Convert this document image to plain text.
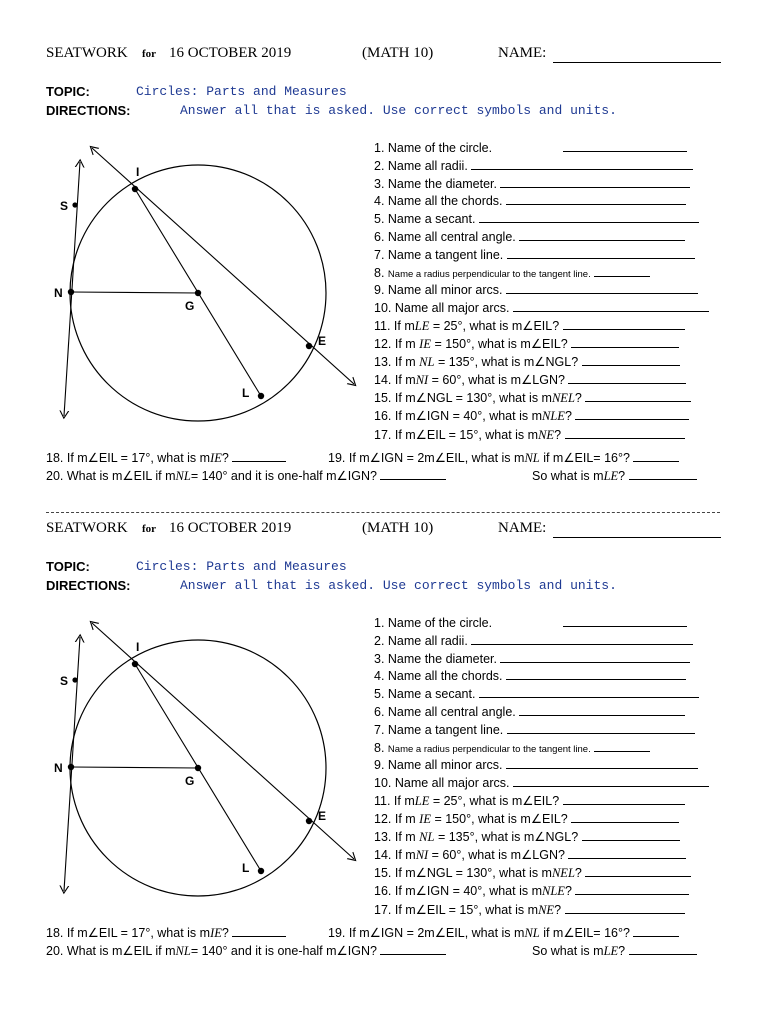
SEATWORK for 16 OCTOBER 2019	(MATH 10)	NAME:
TOPIC:	Circles: Parts and Measures
DIRECTIONS:	Answer all that is asked. Use correct symbols and units.
I
S
N
G
E
L
1. Name of the circle.
2. Name all radii.
3. Name the diameter.
4. Name all the chords.
5. Name a secant.
6. Name all central angle.
7. Name a tangent line.
8. Name a radius perpendicular to the tangent line.
9. Name all minor arcs.
10. Name all major arcs.
11. If mLE = 25°, what is m∠EIL?
12. If m IE = 150°, what is m∠EIL?
13. If m NL = 135°, what is m∠NGL?
14. If mNI = 60°, what is m∠LGN?
15. If m∠NGL = 130°, what is mNEL?
16. If m∠IGN = 40°, what is mNLE?
17. If m∠EIL = 15°, what is mNE?
18. If m∠EIL = 17°, what is mIE?	19. If m∠IGN = 2m∠EIL, what is mNL if m∠EIL= 16°?
20. What is m∠EIL if mNL= 140° and it is one-half m∠IGN?	So what is mLE?
SEATWORK for 16 OCTOBER 2019	(MATH 10)	NAME:
TOPIC:	Circles: Parts and Measures
DIRECTIONS:	Answer all that is asked. Use correct symbols and units.
I
S
N
G
E
L
1. Name of the circle.
2. Name all radii.
3. Name the diameter.
4. Name all the chords.
5. Name a secant.
6. Name all central angle.
7. Name a tangent line.
8. Name a radius perpendicular to the tangent line.
9. Name all minor arcs.
10. Name all major arcs.
11. If mLE = 25°, what is m∠EIL?
12. If m IE = 150°, what is m∠EIL?
13. If m NL = 135°, what is m∠NGL?
14. If mNI = 60°, what is m∠LGN?
15. If m∠NGL = 130°, what is mNEL?
16. If m∠IGN = 40°, what is mNLE?
17. If m∠EIL = 15°, what is mNE?
18. If m∠EIL = 17°, what is mIE?	19. If m∠IGN = 2m∠EIL, what is mNL if m∠EIL= 16°?
20. What is m∠EIL if mNL= 140° and it is one-half m∠IGN?	So what is mLE?
